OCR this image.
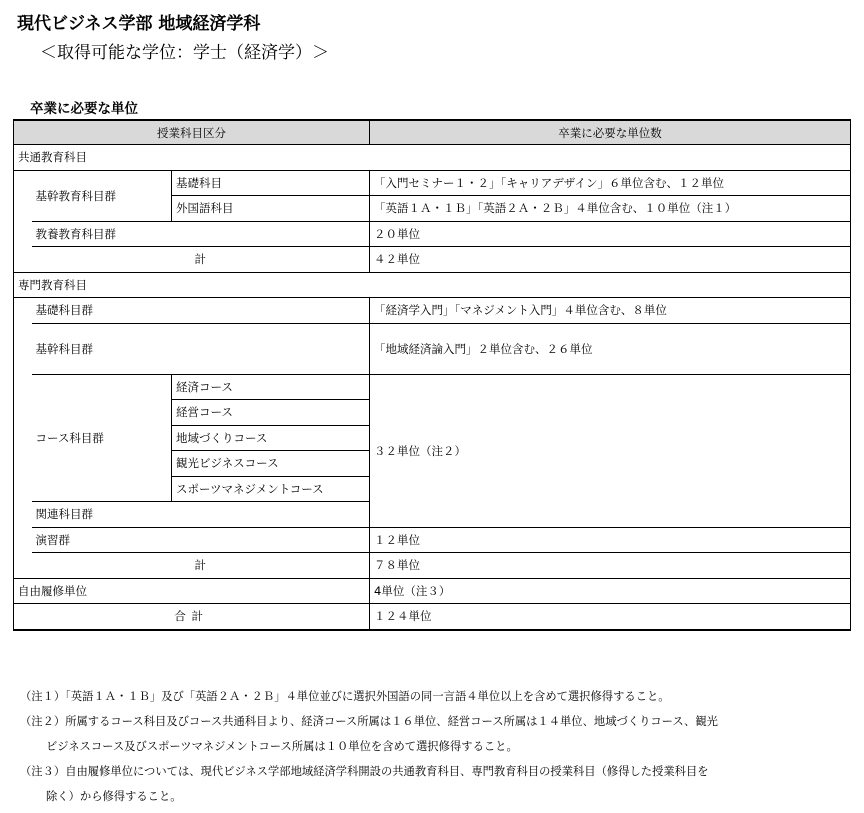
現代ビジネス学部 地域経済学科
＜取得可能な学位：学士（経済学）＞
卒業に必要な単位
授業科目区分			卒業に必要な単位数
共通教育科目			
	基幹教育科目群	基礎科目	「入門セミナー１・２」「キャリアデザイン」６単位含む、１２単位
		外国語科目	「英語１Ａ・１Ｂ」「英語２Ａ・２Ｂ」４単位含む、１０単位（注１）
	教養教育科目群		２０単位
	計		４２単位
専門教育科目			
	基礎科目群		「経済学入門」「マネジメント入門」４単位含む、８単位
	基幹科目群		「地域経済論入門」２単位含む、２６単位
	コース科目群	経済コース	３２単位（注２）
		経営コース	
		地域づくりコース	
		観光ビジネスコース	
		スポーツマネジメントコース	
	関連科目群		
	演習群		１２単位
	計		７８単位
自由履修単位			4単位（注３）
合計			１２４単位
（注１）「英語１Ａ・１Ｂ」及び「英語２Ａ・２Ｂ」４単位並びに選択外国語の同一言語４単位以上を含めて選択修得すること。
（注２）所属するコース科目及びコース共通科目より、経済コース所属は１６単位、経営コース所属は１４単位、地域づくりコース、観光
ビジネスコース及びスポーツマネジメントコース所属は１０単位を含めて選択修得すること。
（注３）自由履修単位については、現代ビジネス学部地域経済学科開設の共通教育科目、専門教育科目の授業科目（修得した授業科目を
除く）から修得すること。
